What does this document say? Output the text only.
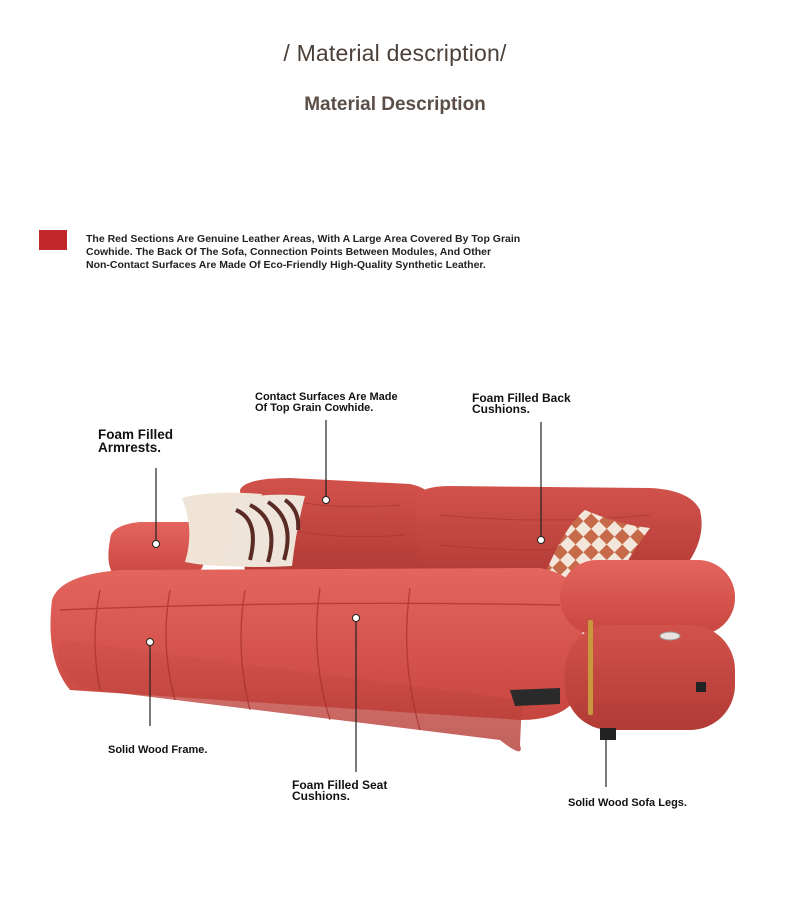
/ Material description/
Material Description
The Red Sections Are Genuine Leather Areas, With A Large Area Covered By Top Grain
Cowhide. The Back Of The Sofa, Connection Points Between Modules, And Other
Non-Contact Surfaces Are Made Of Eco-Friendly High-Quality Synthetic Leather.
Contact Surfaces Are Made
Of Top Grain Cowhide.
Foam Filled Back
Cushions.
Foam Filled
Armrests.
Solid Wood Frame.
Foam Filled Seat
Cushions.	Solid Wood Sofa Legs.
